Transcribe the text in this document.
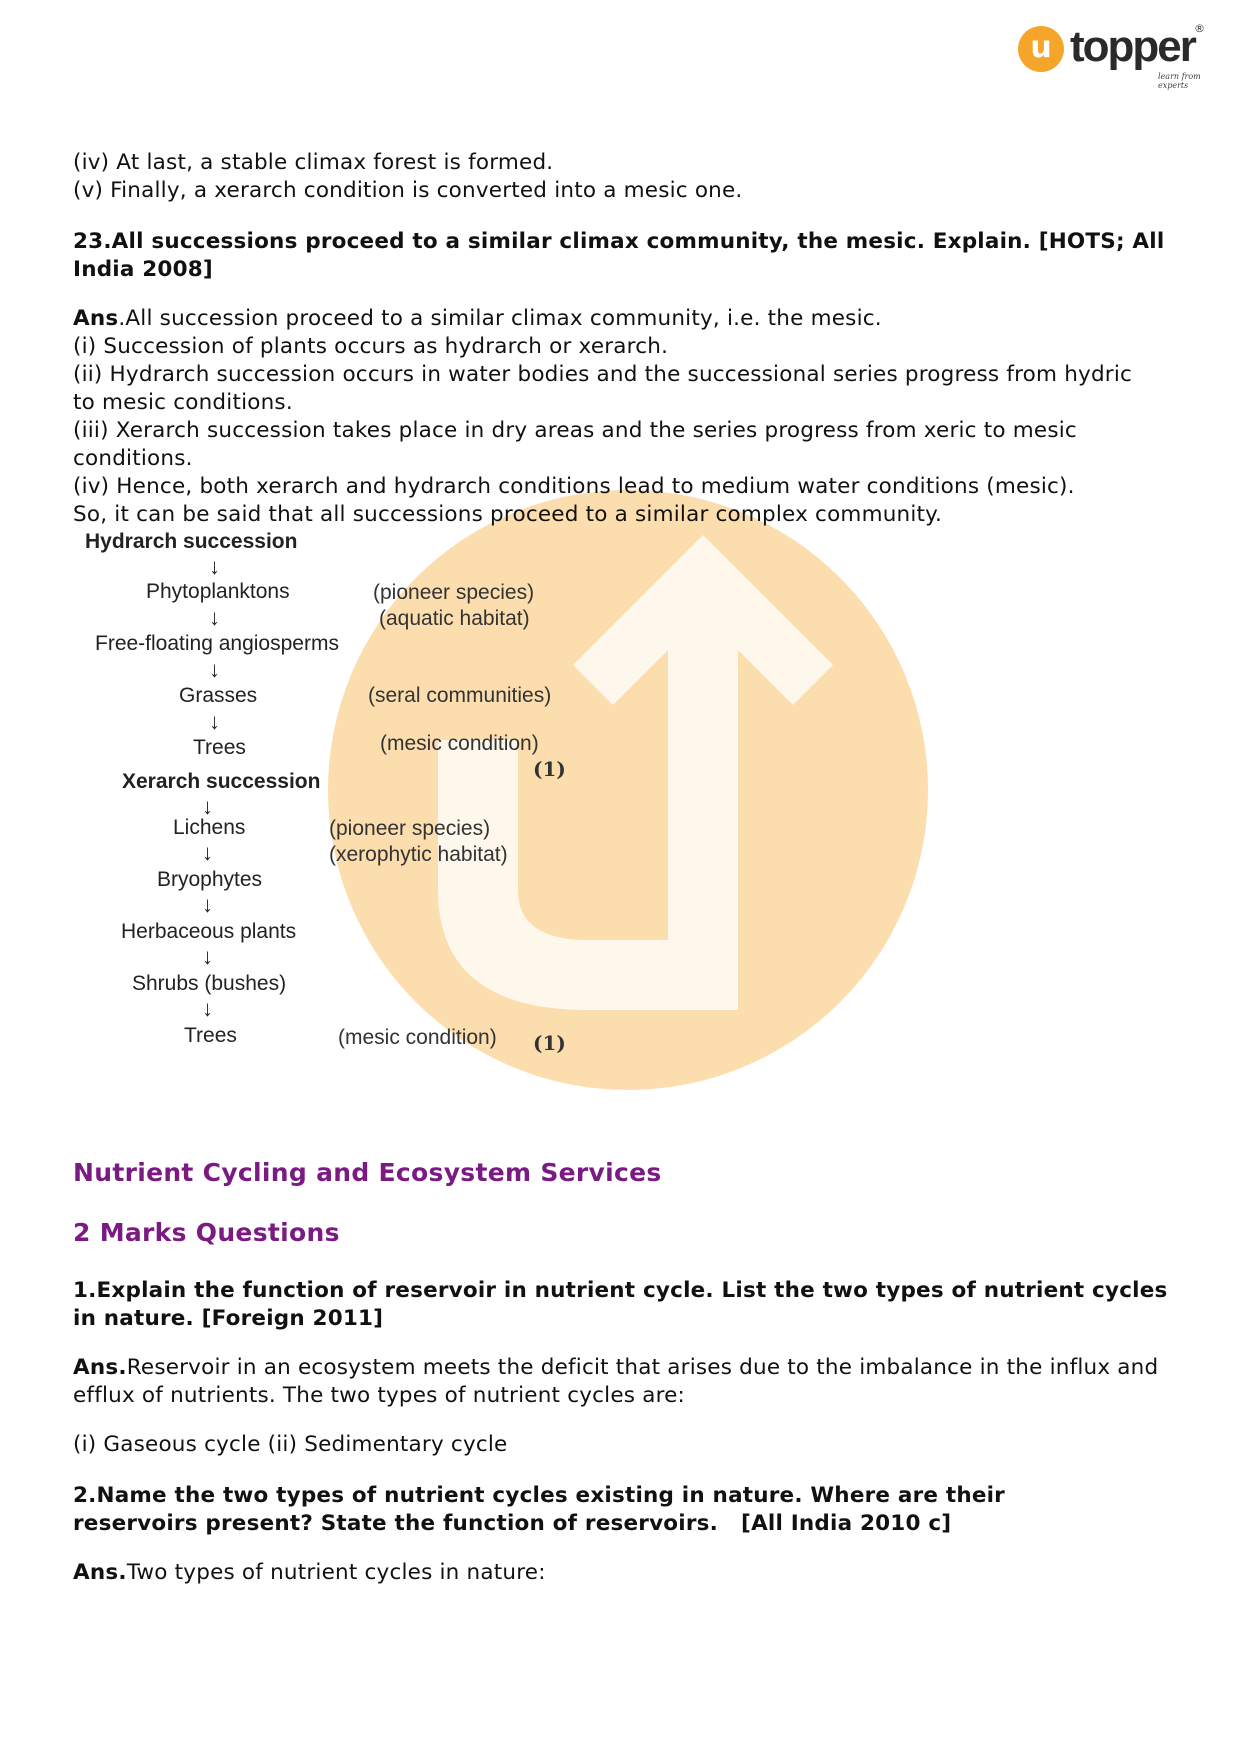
u topper ®
learn from experts
(iv) At last, a stable climax forest is formed.
(v) Finally, a xerarch condition is converted into a mesic one.
23.All successions proceed to a similar climax community, the mesic. Explain. [HOTS; All
India 2008]
Ans.All succession proceed to a similar climax community, i.e. the mesic.
(i) Succession of plants occurs as hydrarch or xerarch.
(ii) Hydrarch succession occurs in water bodies and the successional series progress from hydric
to mesic conditions.
(iii) Xerarch succession takes place in dry areas and the series progress from xeric to mesic
conditions.
(iv) Hence, both xerarch and hydrarch conditions lead to medium water conditions (mesic).
So, it can be said that all successions proceed to a similar complex community.
Hydrarch succession
↓
Phytoplanktons
↓
Free-floating angiosperms
↓
Grasses
↓
Trees
(pioneer species)
(aquatic habitat)
(seral communities)
(mesic condition)
(1)
Xerarch succession
↓
Lichens
↓
Bryophytes
↓
Herbaceous plants
↓
Shrubs (bushes)
↓
Trees
(pioneer species)
(xerophytic habitat)
(mesic condition) (1)
Nutrient Cycling and Ecosystem Services
2 Marks Questions
1.Explain the function of reservoir in nutrient cycle. List the two types of nutrient cycles
in nature. [Foreign 2011]
Ans.Reservoir in an ecosystem meets the deficit that arises due to the imbalance in the influx and
efflux of nutrients. The two types of nutrient cycles are:
(i) Gaseous cycle (ii) Sedimentary cycle
2.Name the two types of nutrient cycles existing in nature. Where are their
reservoirs present? State the function of reservoirs.   [All India 2010 c]
Ans.Two types of nutrient cycles in nature:
